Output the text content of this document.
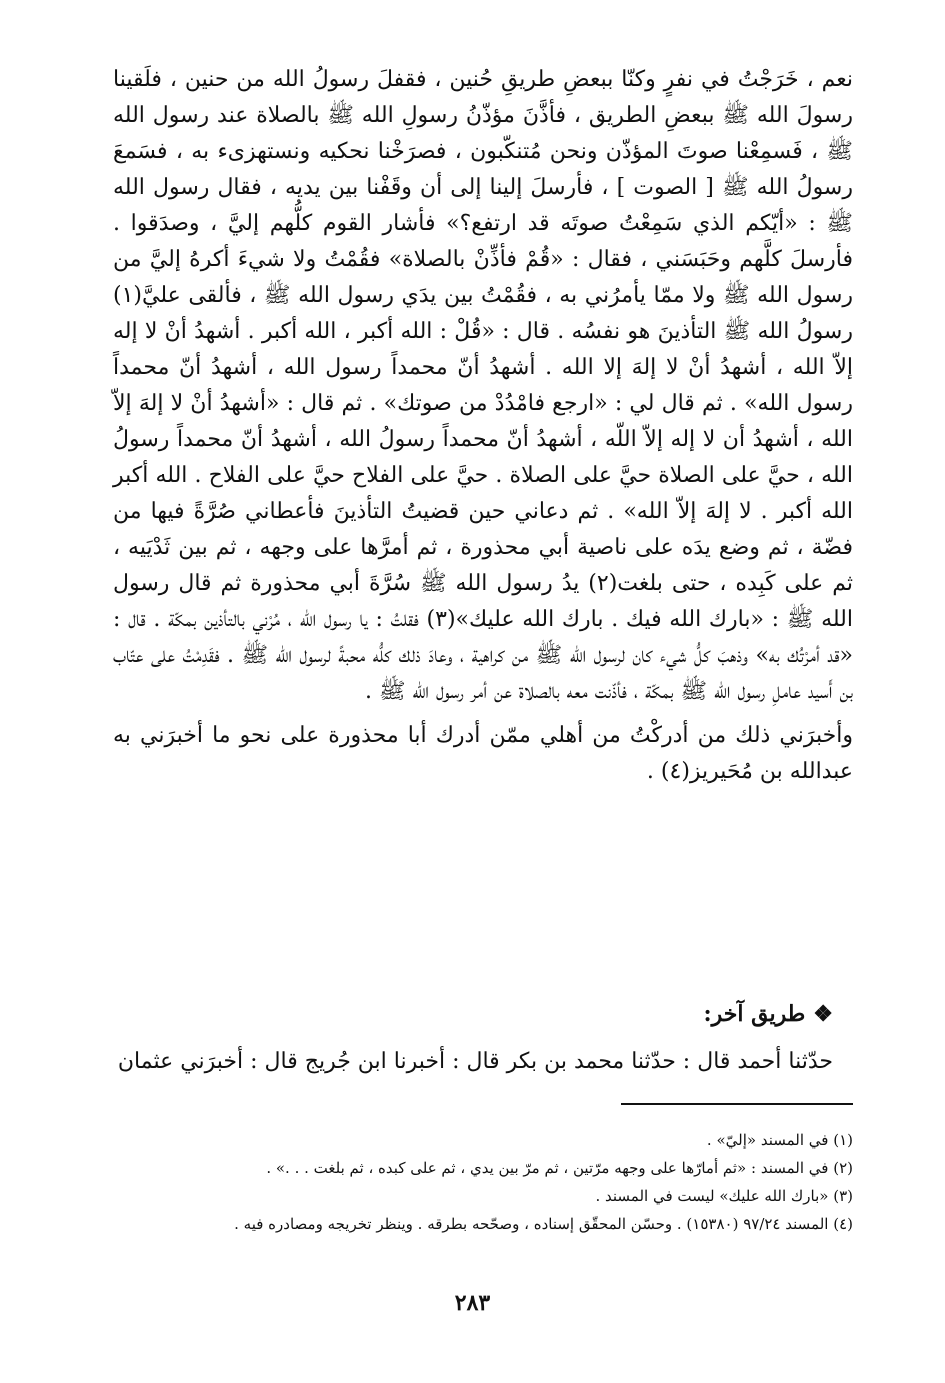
نعم ، خَرَجْتُ في نفرٍ وكنّا ببعضِ طريقِ حُنين ، فقفلَ رسولُ الله من حنين ، فلَقينا رسولَ الله ﷺ ببعضِ الطريق ، فأذَّنَ مؤذّنُ رسولِ الله ﷺ بالصلاة عند رسول الله ﷺ ، فَسمِعْنا صوتَ المؤذّن ونحن مُتنكّبون ، فصرَخْنا نحكيه ونستهزىء به ، فسَمعَ رسولُ الله ﷺ [ الصوت ] ، فأرسلَ إلينا إلى أن وقَفْنا بين يديه ، فقال رسول الله ﷺ : «أيّكم الذي سَمِعْتُ صوتَه قد ارتفع؟» فأشار القوم كلُّهم إليَّ ، وصدَقوا . فأرسلَ كلَّهم وحَبَسَني ، فقال : «قُمْ فأذِّنْ بالصلاة» فقُمْتُ ولا شيءَ أكرهُ إليَّ من رسول الله ﷺ ولا ممّا يأمرُني به ، فقُمْتُ بين يدَي رسول الله ﷺ ، فألقى عليَّ(١) رسولُ الله ﷺ التأذينَ هو نفسُه . قال : «قُلْ : الله أكبر ، الله أكبر . أشهدُ أنْ لا إله إلاّ الله ، أشهدُ أنْ لا إلهَ إلا الله . أشهدُ أنّ محمداً رسول الله ، أشهدُ أنّ محمداً رسول الله» . ثم قال لي : «ارجع فامْدُدْ من صوتك» . ثم قال : «أشهدُ أنْ لا إلهَ إلاّ الله ، أشهدُ أن لا إله إلاّ اللّه ، أشهدُ أنّ محمداً رسولُ الله ، أشهدُ أنّ محمداً رسولُ الله ، حيَّ على الصلاة حيَّ على الصلاة . حيَّ على الفلاح حيَّ على الفلاح . الله أكبر الله أكبر . لا إلهَ إلاّ الله» . ثم دعاني حين قضيتُ التأذينَ فأعطاني صُرَّةً فيها من فضّة ، ثم وضع يدَه على ناصية أبي محذورة ، ثم أمرَّها على وجهه ، ثم بين ثَدْيَيه ، ثم على كَبِده ، حتى بلغت(٢) يدُ رسول الله ﷺ سُرَّةَ أبي محذورة ثم قال رسول الله ﷺ : «بارك الله فيك . بارك الله عليك»(٣) فقلتُ : يا رسول الله ، مُرْني بالتأذين بمكّة . قال : «قد أمرْتُك به» وذهبَ كلُّ شيء كان لرسول الله ﷺ من كراهية ، وعادَ ذلك كلُّه محبةً لرسول الله ﷺ . فقَدِمْتُ على عتّاب بن أَسيد عاملِ رسول الله ﷺ بمكّة ، فأذّنت معه بالصلاة عن أمر رسول الله ﷺ .

وأخبرَني ذلك من أدركْتُ من أهلي ممّن أدرك أبا محذورة على نحو ما أخبرَني به عبدالله بن مُحَيريز(٤) .

❖طريق آخر:
حدّثنا أحمد قال : حدّثنا محمد بن بكر قال : أخبرنا ابن جُريج قال : أخبرَني عثمان
(١) في المسند «إليّ» .
(٢) في المسند : «ثم أمارّها على وجهه مرّتين ، ثم مرّ بين يدي ، ثم على كبده ، ثم بلغت . . .» .
(٣) «بارك الله عليك» ليست في المسند .
(٤) المسند ٩٧/٢٤ (١٥٣٨٠) . وحسّن المحقّق إسناده ، وصحّحه بطرقه . وينظر تخريجه ومصادره فيه .
٢٨٣
